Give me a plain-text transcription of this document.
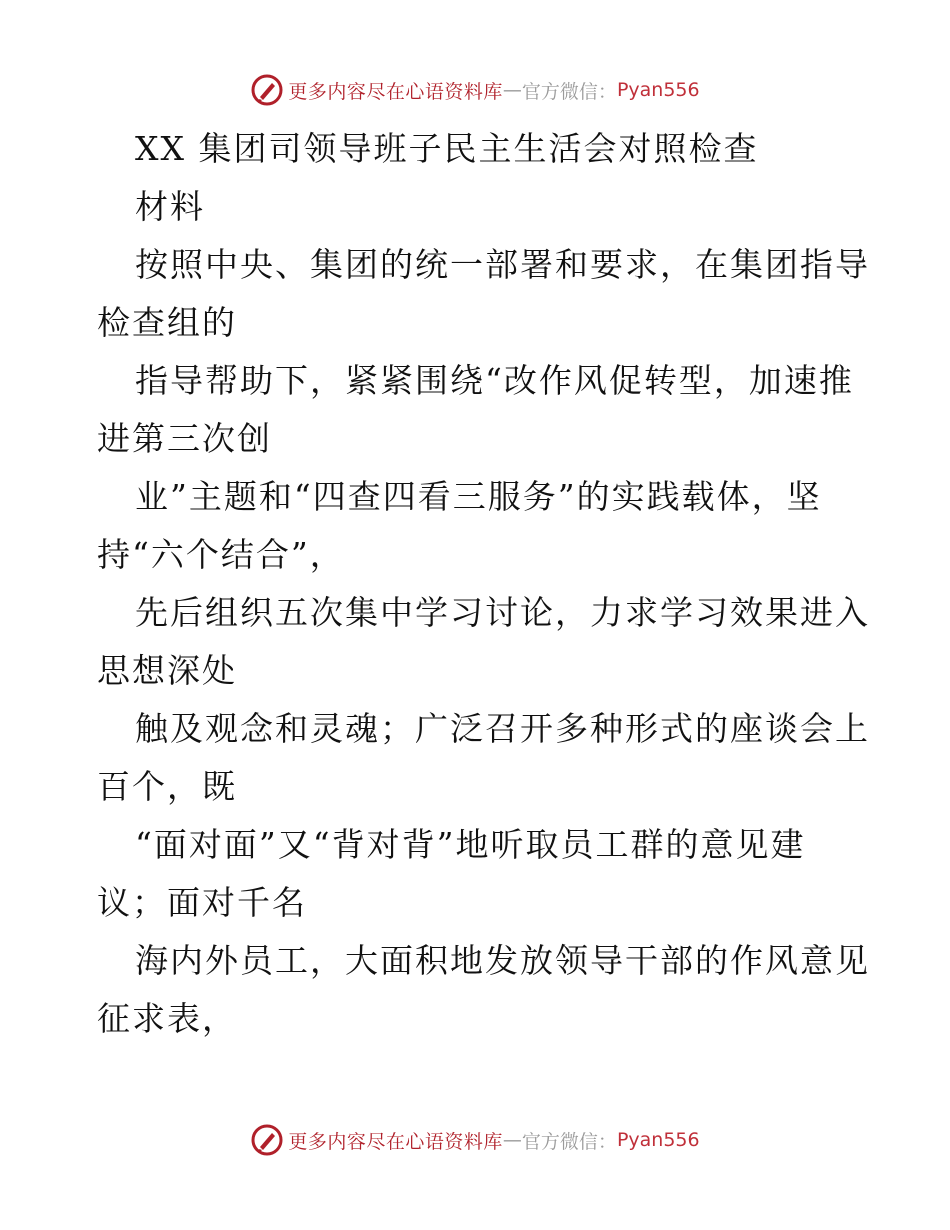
更多内容尽在心语资料库 — 官方微信： Pyan556
XX 集团司领导班子民主生活会对照检查
材料
按照中央、集团的统一部署和要求，在集团指导
检查组的
指导帮助下，紧紧围绕“改作风促转型，加速推
进第三次创
业”主题和“四查四看三服务”的实践载体，坚
持“六个结合”，
先后组织五次集中学习讨论，力求学习效果进入
思想深处
触及观念和灵魂；广泛召开多种形式的座谈会上
百个，既
“面对面”又“背对背”地听取员工群的意见建
议；面对千名
海内外员工，大面积地发放领导干部的作风意见
征求表，
更多内容尽在心语资料库 — 官方微信： Pyan556
